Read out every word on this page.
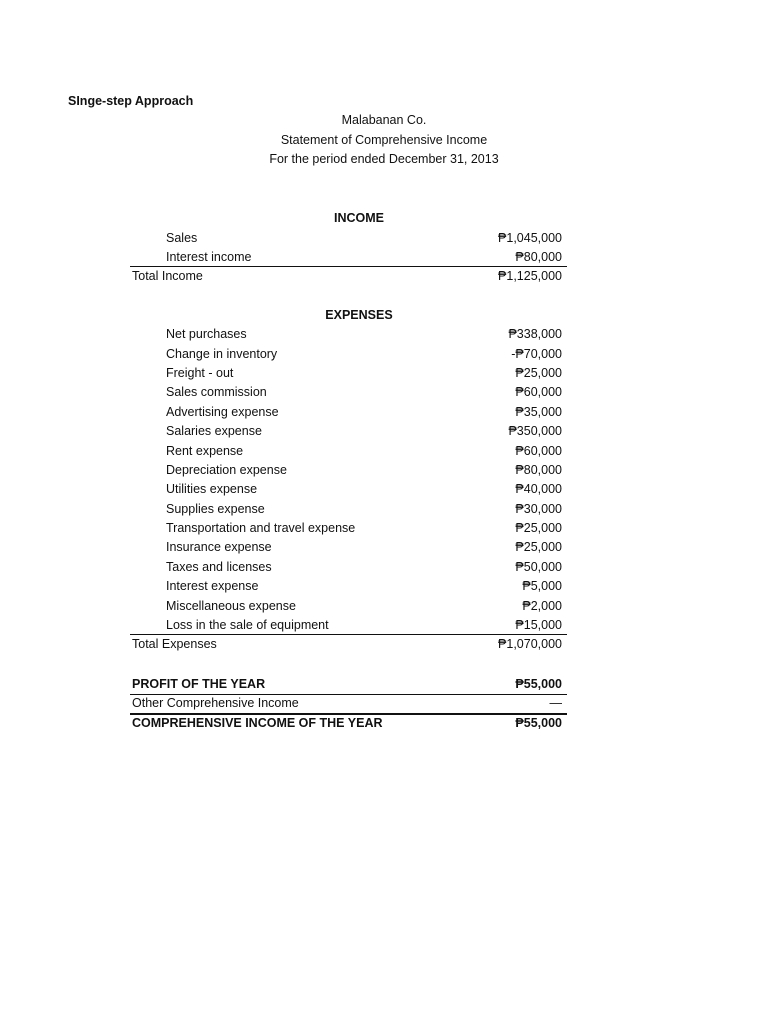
SInge-step Approach
Malabanan Co.
Statement of Comprehensive Income
For the period ended December 31, 2013
INCOME
Sales	₱1,045,000
Interest income	₱80,000
Total Income	₱1,125,000
EXPENSES
Net purchases	₱338,000
Change in inventory	-₱70,000
Freight - out	₱25,000
Sales commission	₱60,000
Advertising expense	₱35,000
Salaries expense	₱350,000
Rent expense	₱60,000
Depreciation expense	₱80,000
Utilities expense	₱40,000
Supplies expense	₱30,000
Transportation and travel expense	₱25,000
Insurance expense	₱25,000
Taxes and licenses	₱50,000
Interest expense	₱5,000
Miscellaneous expense	₱2,000
Loss in the sale of equipment	₱15,000
Total Expenses	₱1,070,000
PROFIT OF THE YEAR	₱55,000
Other Comprehensive Income	—
COMPREHENSIVE INCOME OF THE YEAR	₱55,000
